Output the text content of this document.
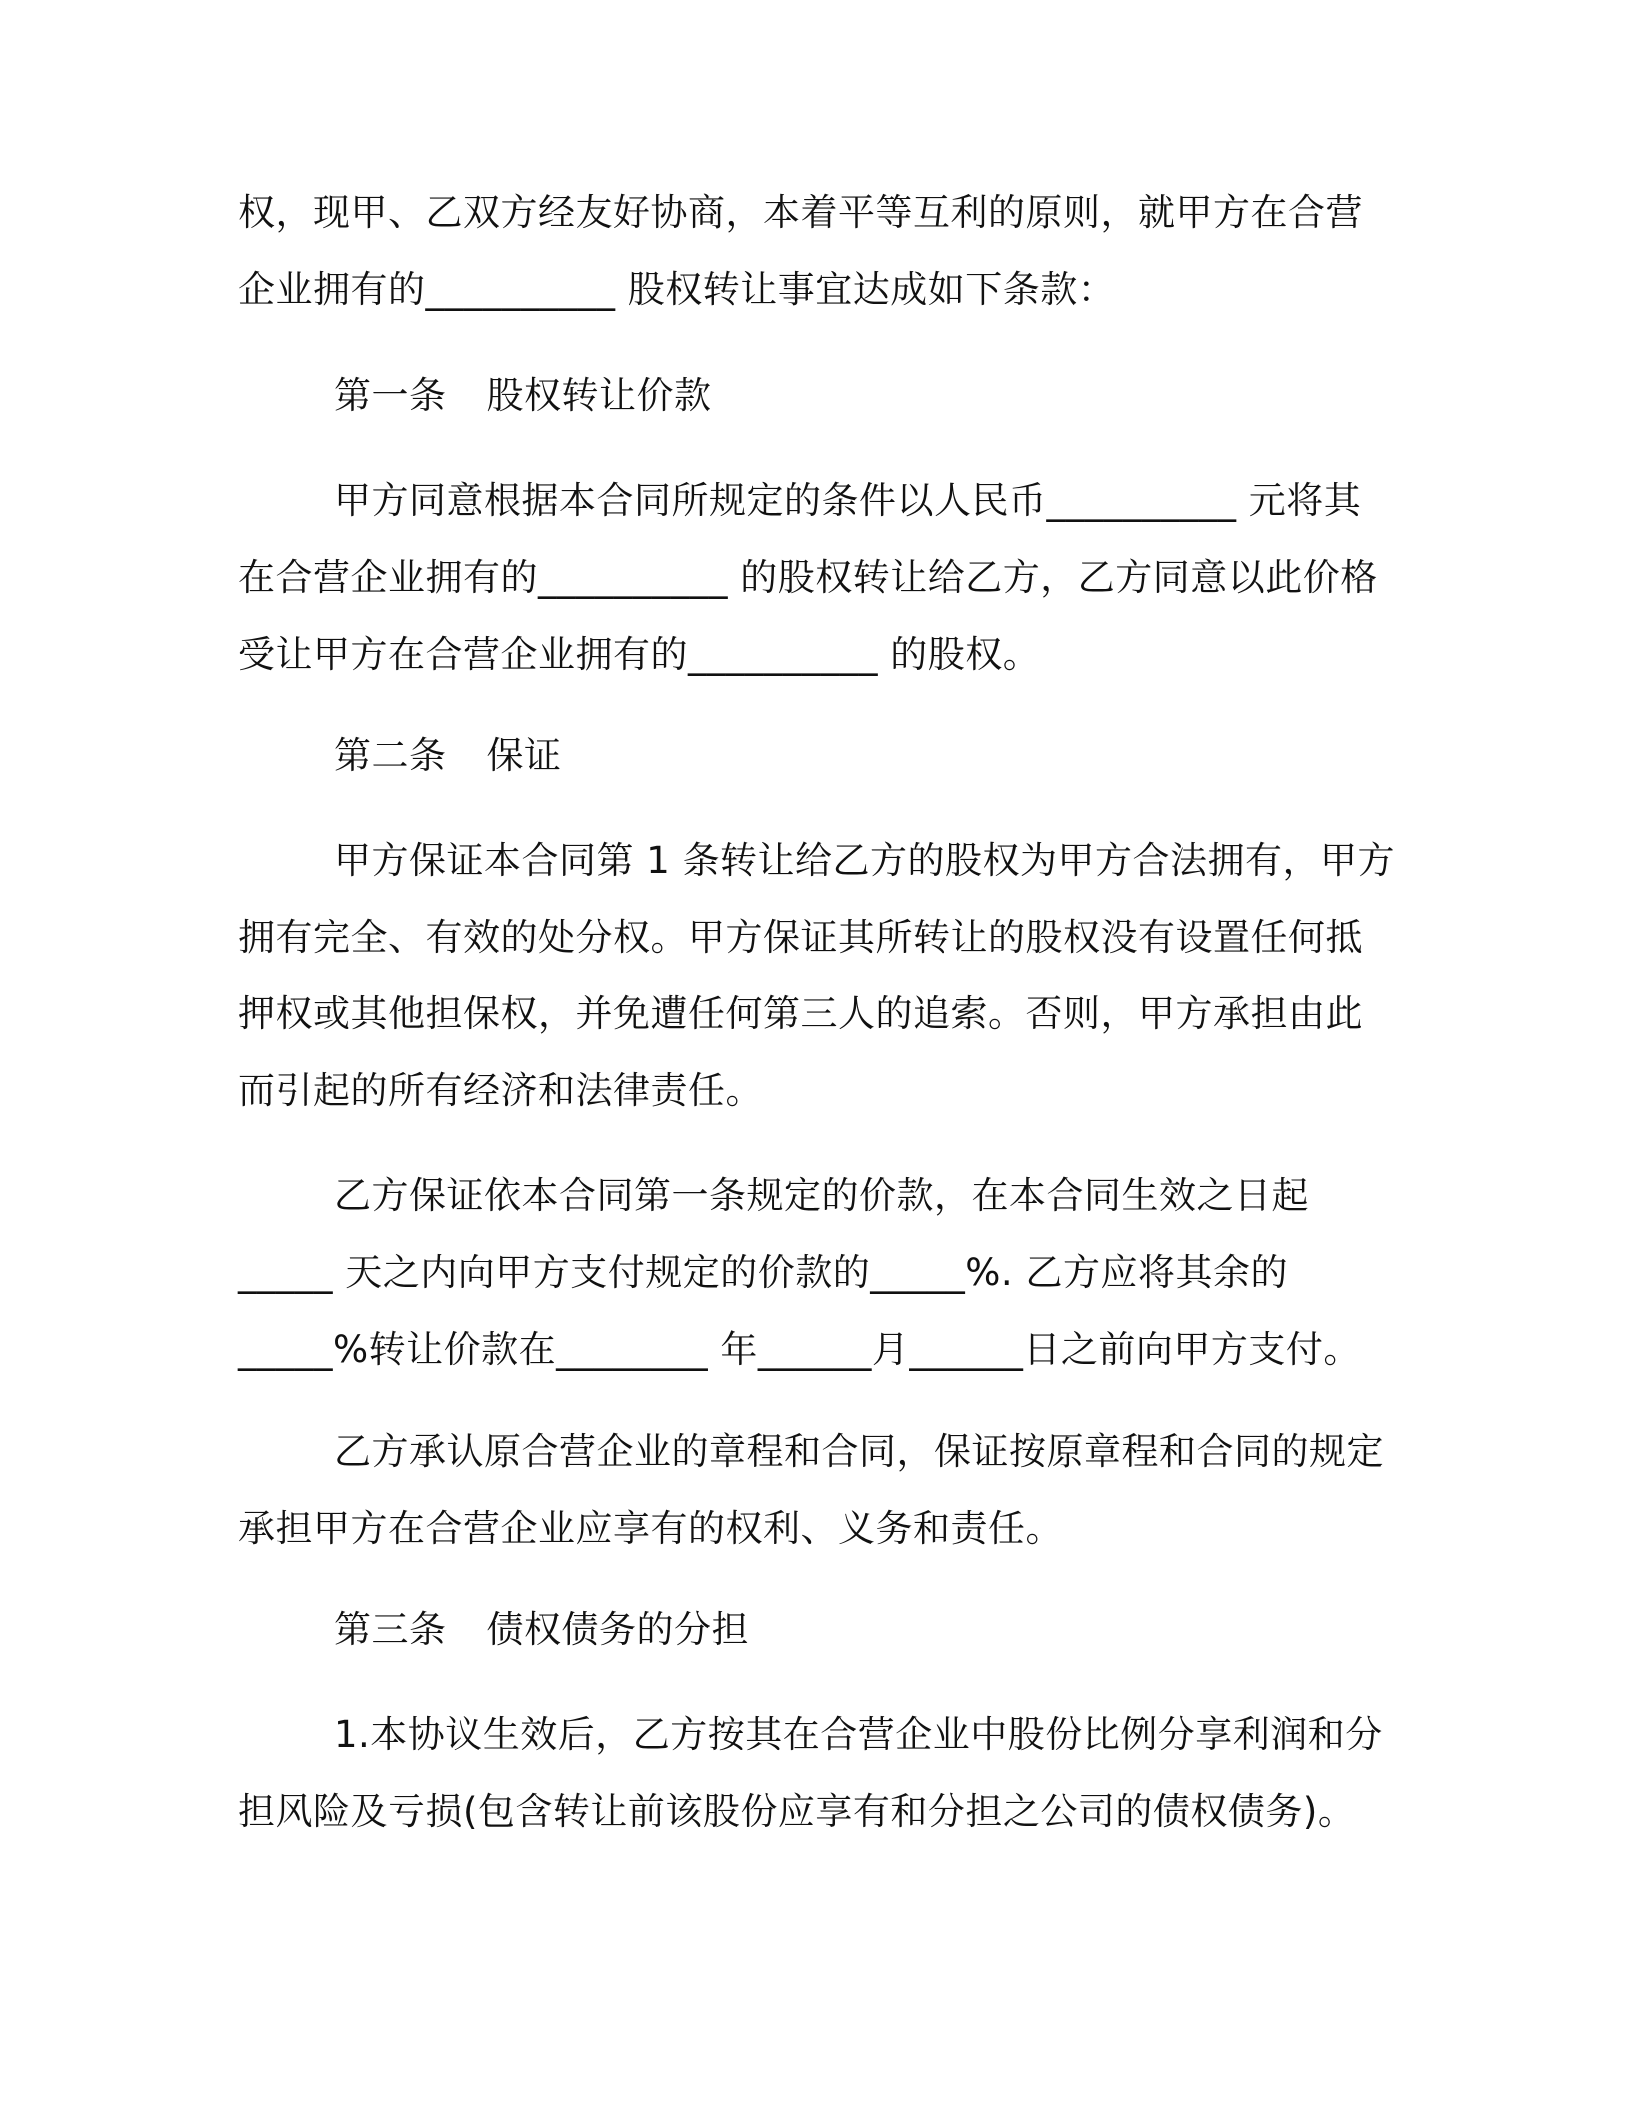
权，现甲、乙双方经友好协商，本着平等互利的原则，就甲方在合营

企业拥有的__________ 股权转让事宜达成如下条款：

第一条 股权转让价款

甲方同意根据本合同所规定的条件以人民币__________ 元将其

在合营企业拥有的__________ 的股权转让给乙方，乙方同意以此价格

受让甲方在合营企业拥有的__________ 的股权。

第二条 保证

甲方保证本合同第 1 条转让给乙方的股权为甲方合法拥有，甲方

拥有完全、有效的处分权。甲方保证其所转让的股权没有设置任何抵

押权或其他担保权，并免遭任何第三人的追索。否则，甲方承担由此

而引起的所有经济和法律责任。

乙方保证依本合同第一条规定的价款，在本合同生效之日起

_____ 天之内向甲方支付规定的价款的_____%. 乙方应将其余的

_____%转让价款在________ 年______月______日之前向甲方支付。

乙方承认原合营企业的章程和合同，保证按原章程和合同的规定

承担甲方在合营企业应享有的权利、义务和责任。

第三条 债权债务的分担

1.本协议生效后，乙方按其在合营企业中股份比例分享利润和分

担风险及亏损(包含转让前该股份应享有和分担之公司的债权债务)。
